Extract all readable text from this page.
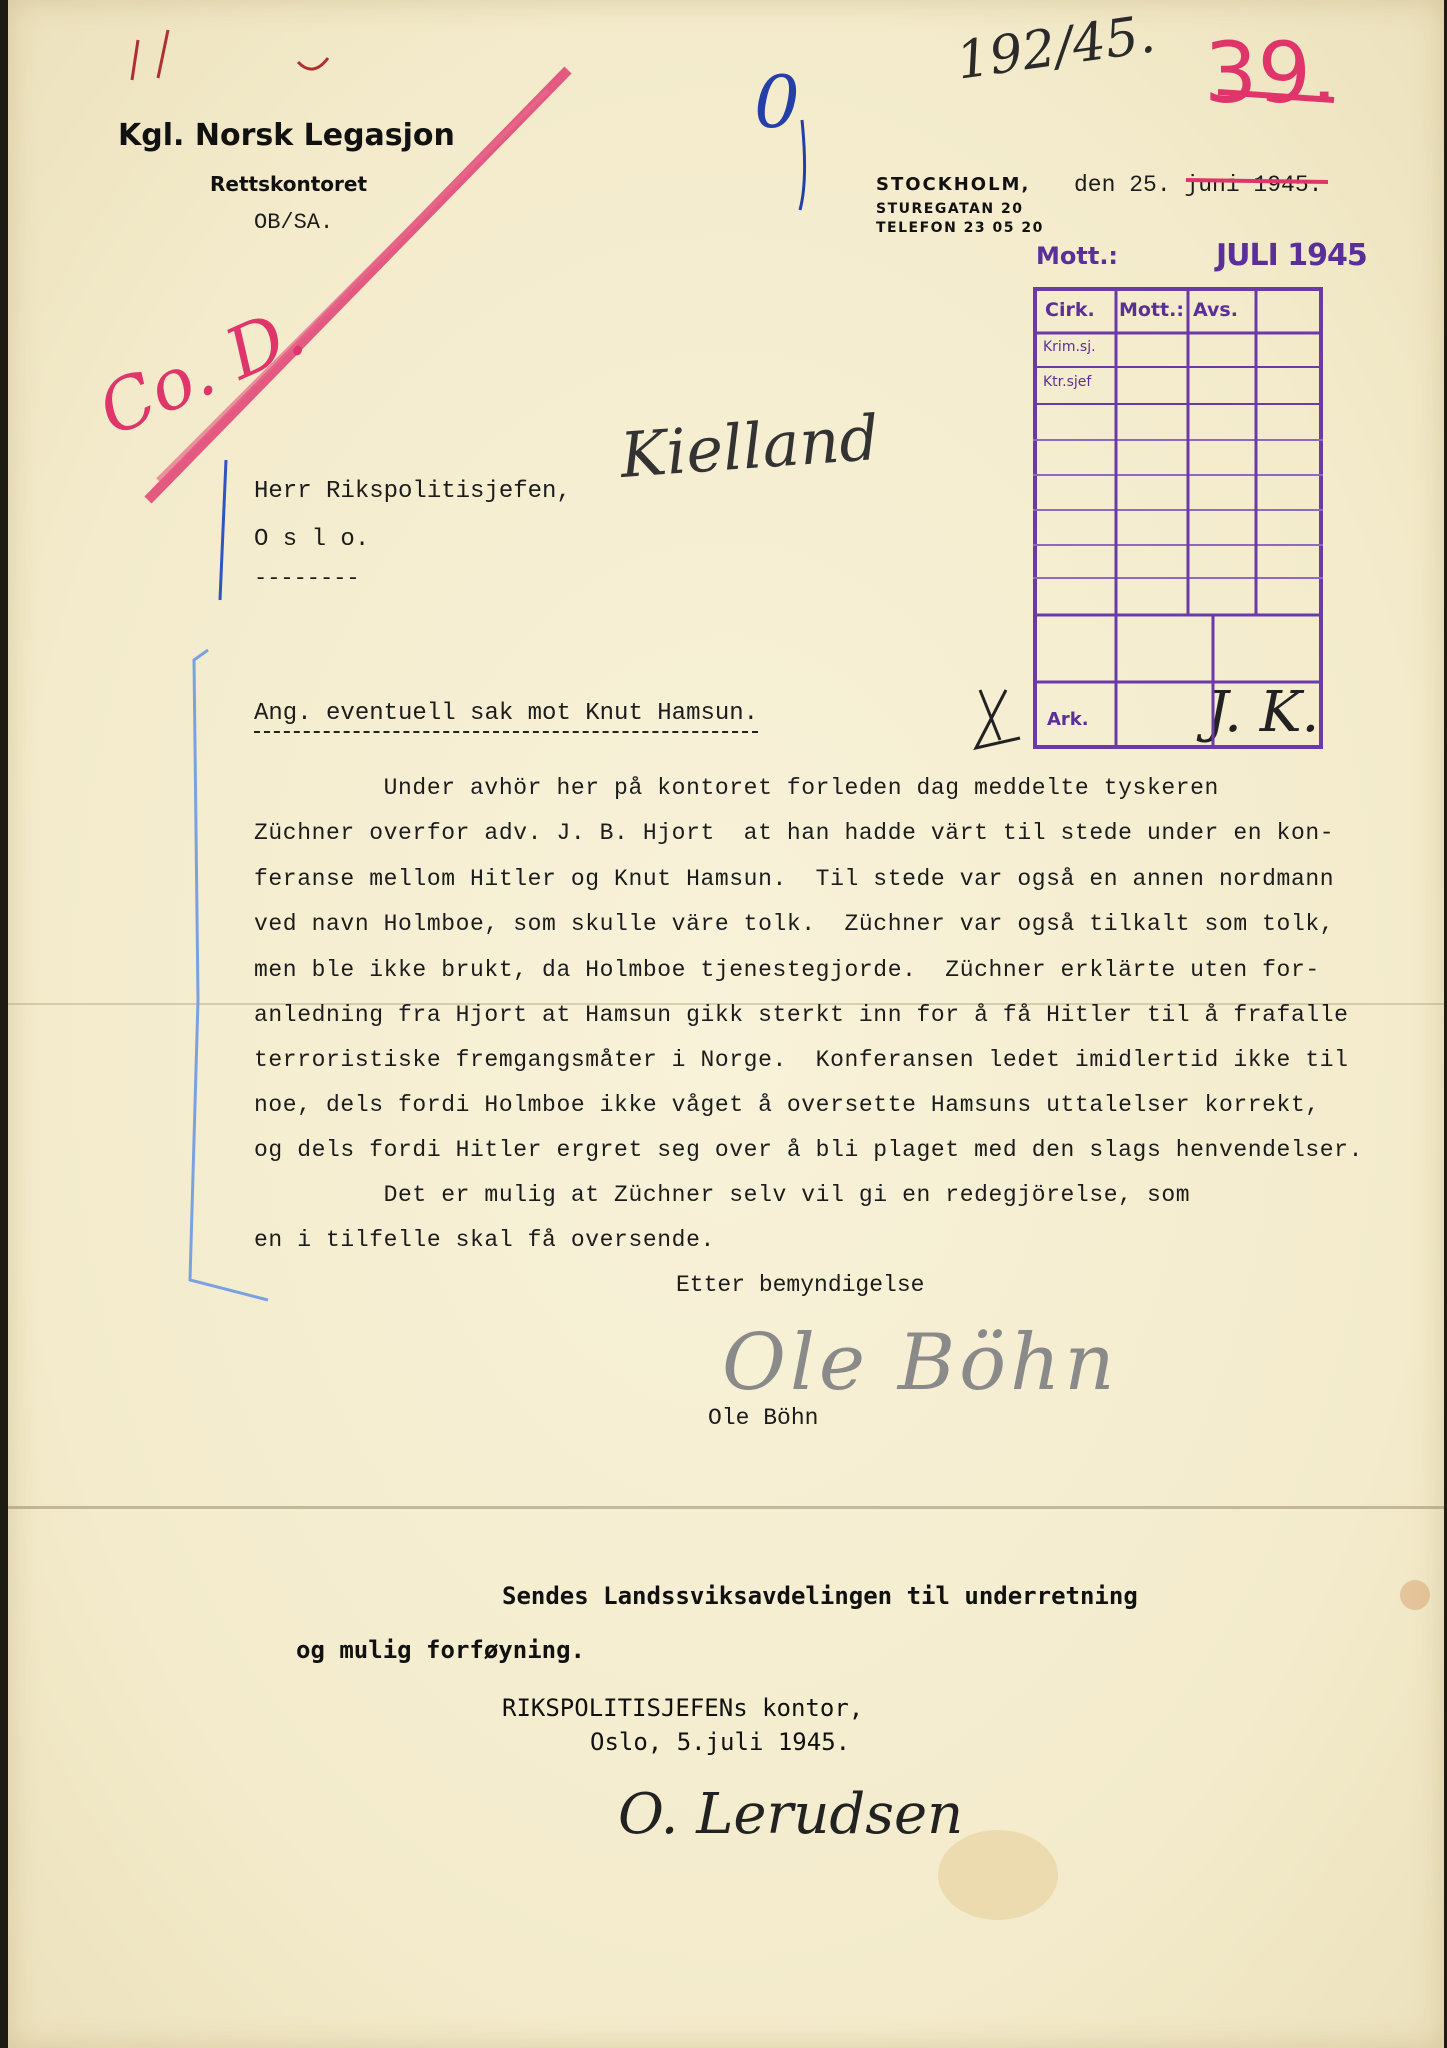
Kgl. Norsk Legasjon
Rettskontoret
OB/SA.
STOCKHOLM,
STUREGATAN 20
TELEFON 23 05 20
den 25. juni 1945.
192/45. 39.
0
Co. D.	Kielland
Mott.:	JULI 1945
Cirk. Mott.: Avs.
Krim.sj.
Ktr.sjef
Ark. J. K.
Herr Rikspolitisjefen,
O s l o.
--------
Ang. eventuell sak mot Knut Hamsun.
Under avhör her på kontoret forleden dag meddelte tyskeren
Züchner overfor adv. J. B. Hjort  at han hadde värt til stede under en kon-
feranse mellom Hitler og Knut Hamsun.  Til stede var også en annen nordmann
ved navn Holmboe, som skulle väre tolk.  Züchner var også tilkalt som tolk,
men ble ikke brukt, da Holmboe tjenestegjorde.  Züchner erklärte uten for-
anledning fra Hjort at Hamsun gikk sterkt inn for å få Hitler til å frafalle
terroristiske fremgangsmåter i Norge.  Konferansen ledet imidlertid ikke til
noe, dels fordi Holmboe ikke våget å oversette Hamsuns uttalelser korrekt,
og dels fordi Hitler ergret seg over å bli plaget med den slags henvendelser.
Det er mulig at Züchner selv vil gi en redegjörelse, som
en i tilfelle skal få oversende.
Etter bemyndigelse
Ole Böhn
Ole Böhn
Sendes Landssviksavdelingen til underretning
og mulig forføyning.
RIKSPOLITISJEFENs kontor,
Oslo, 5.juli 1945.
O. Lerudsen
